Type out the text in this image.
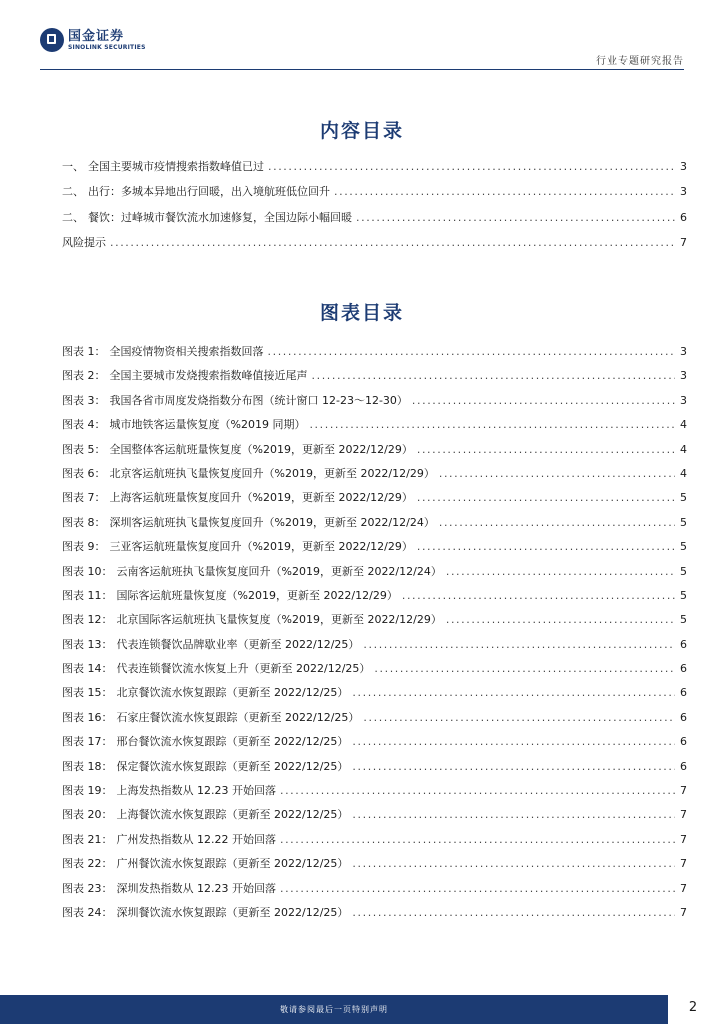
国金证券
SINOLINK SECURITIES
行业专题研究报告
内容目录
一、 全国主要城市疫情搜索指数峰值已过 .....	3
二、 出行：多城本异地出行回暖，出入境航班低位回升 .....	3
二、 餐饮：过峰城市餐饮流水加速修复，全国边际小幅回暖 .....	6
风险提示 .....	7
图表目录
图表 1： 全国疫情物资相关搜索指数回落 .....	3
图表 2： 全国主要城市发烧搜索指数峰值接近尾声 .....	3
图表 3： 我国各省市周度发烧指数分布图（统计窗口 12-23～12-30） .....	3
图表 4： 城市地铁客运量恢复度（%2019 同期） .....	4
图表 5： 全国整体客运航班量恢复度（%2019，更新至 2022/12/29） .....	4
图表 6： 北京客运航班执飞量恢复度回升（%2019，更新至 2022/12/29） .....	4
图表 7： 上海客运航班量恢复度回升（%2019，更新至 2022/12/29） .....	5
图表 8： 深圳客运航班执飞量恢复度回升（%2019，更新至 2022/12/24） .....	5
图表 9： 三亚客运航班量恢复度回升（%2019，更新至 2022/12/29） .....	5
图表 10： 云南客运航班执飞量恢复度回升（%2019，更新至 2022/12/24） .....	5
图表 11： 国际客运航班量恢复度（%2019，更新至 2022/12/29） .....	5
图表 12： 北京国际客运航班执飞量恢复度（%2019，更新至 2022/12/29） .....	5
图表 13： 代表连锁餐饮品牌歇业率（更新至 2022/12/25） .....	6
图表 14： 代表连锁餐饮流水恢复上升（更新至 2022/12/25） .....	6
图表 15： 北京餐饮流水恢复跟踪（更新至 2022/12/25） .....	6
图表 16： 石家庄餐饮流水恢复跟踪（更新至 2022/12/25） .....	6
图表 17： 邢台餐饮流水恢复跟踪（更新至 2022/12/25） .....	6
图表 18： 保定餐饮流水恢复跟踪（更新至 2022/12/25） .....	6
图表 19： 上海发热指数从 12.23 开始回落 .....	7
图表 20： 上海餐饮流水恢复跟踪（更新至 2022/12/25） .....	7
图表 21： 广州发热指数从 12.22 开始回落 .....	7
图表 22： 广州餐饮流水恢复跟踪（更新至 2022/12/25） .....	7
图表 23： 深圳发热指数从 12.23 开始回落 .....	7
图表 24： 深圳餐饮流水恢复跟踪（更新至 2022/12/25） .....	7
敬请参阅最后一页特别声明	2
